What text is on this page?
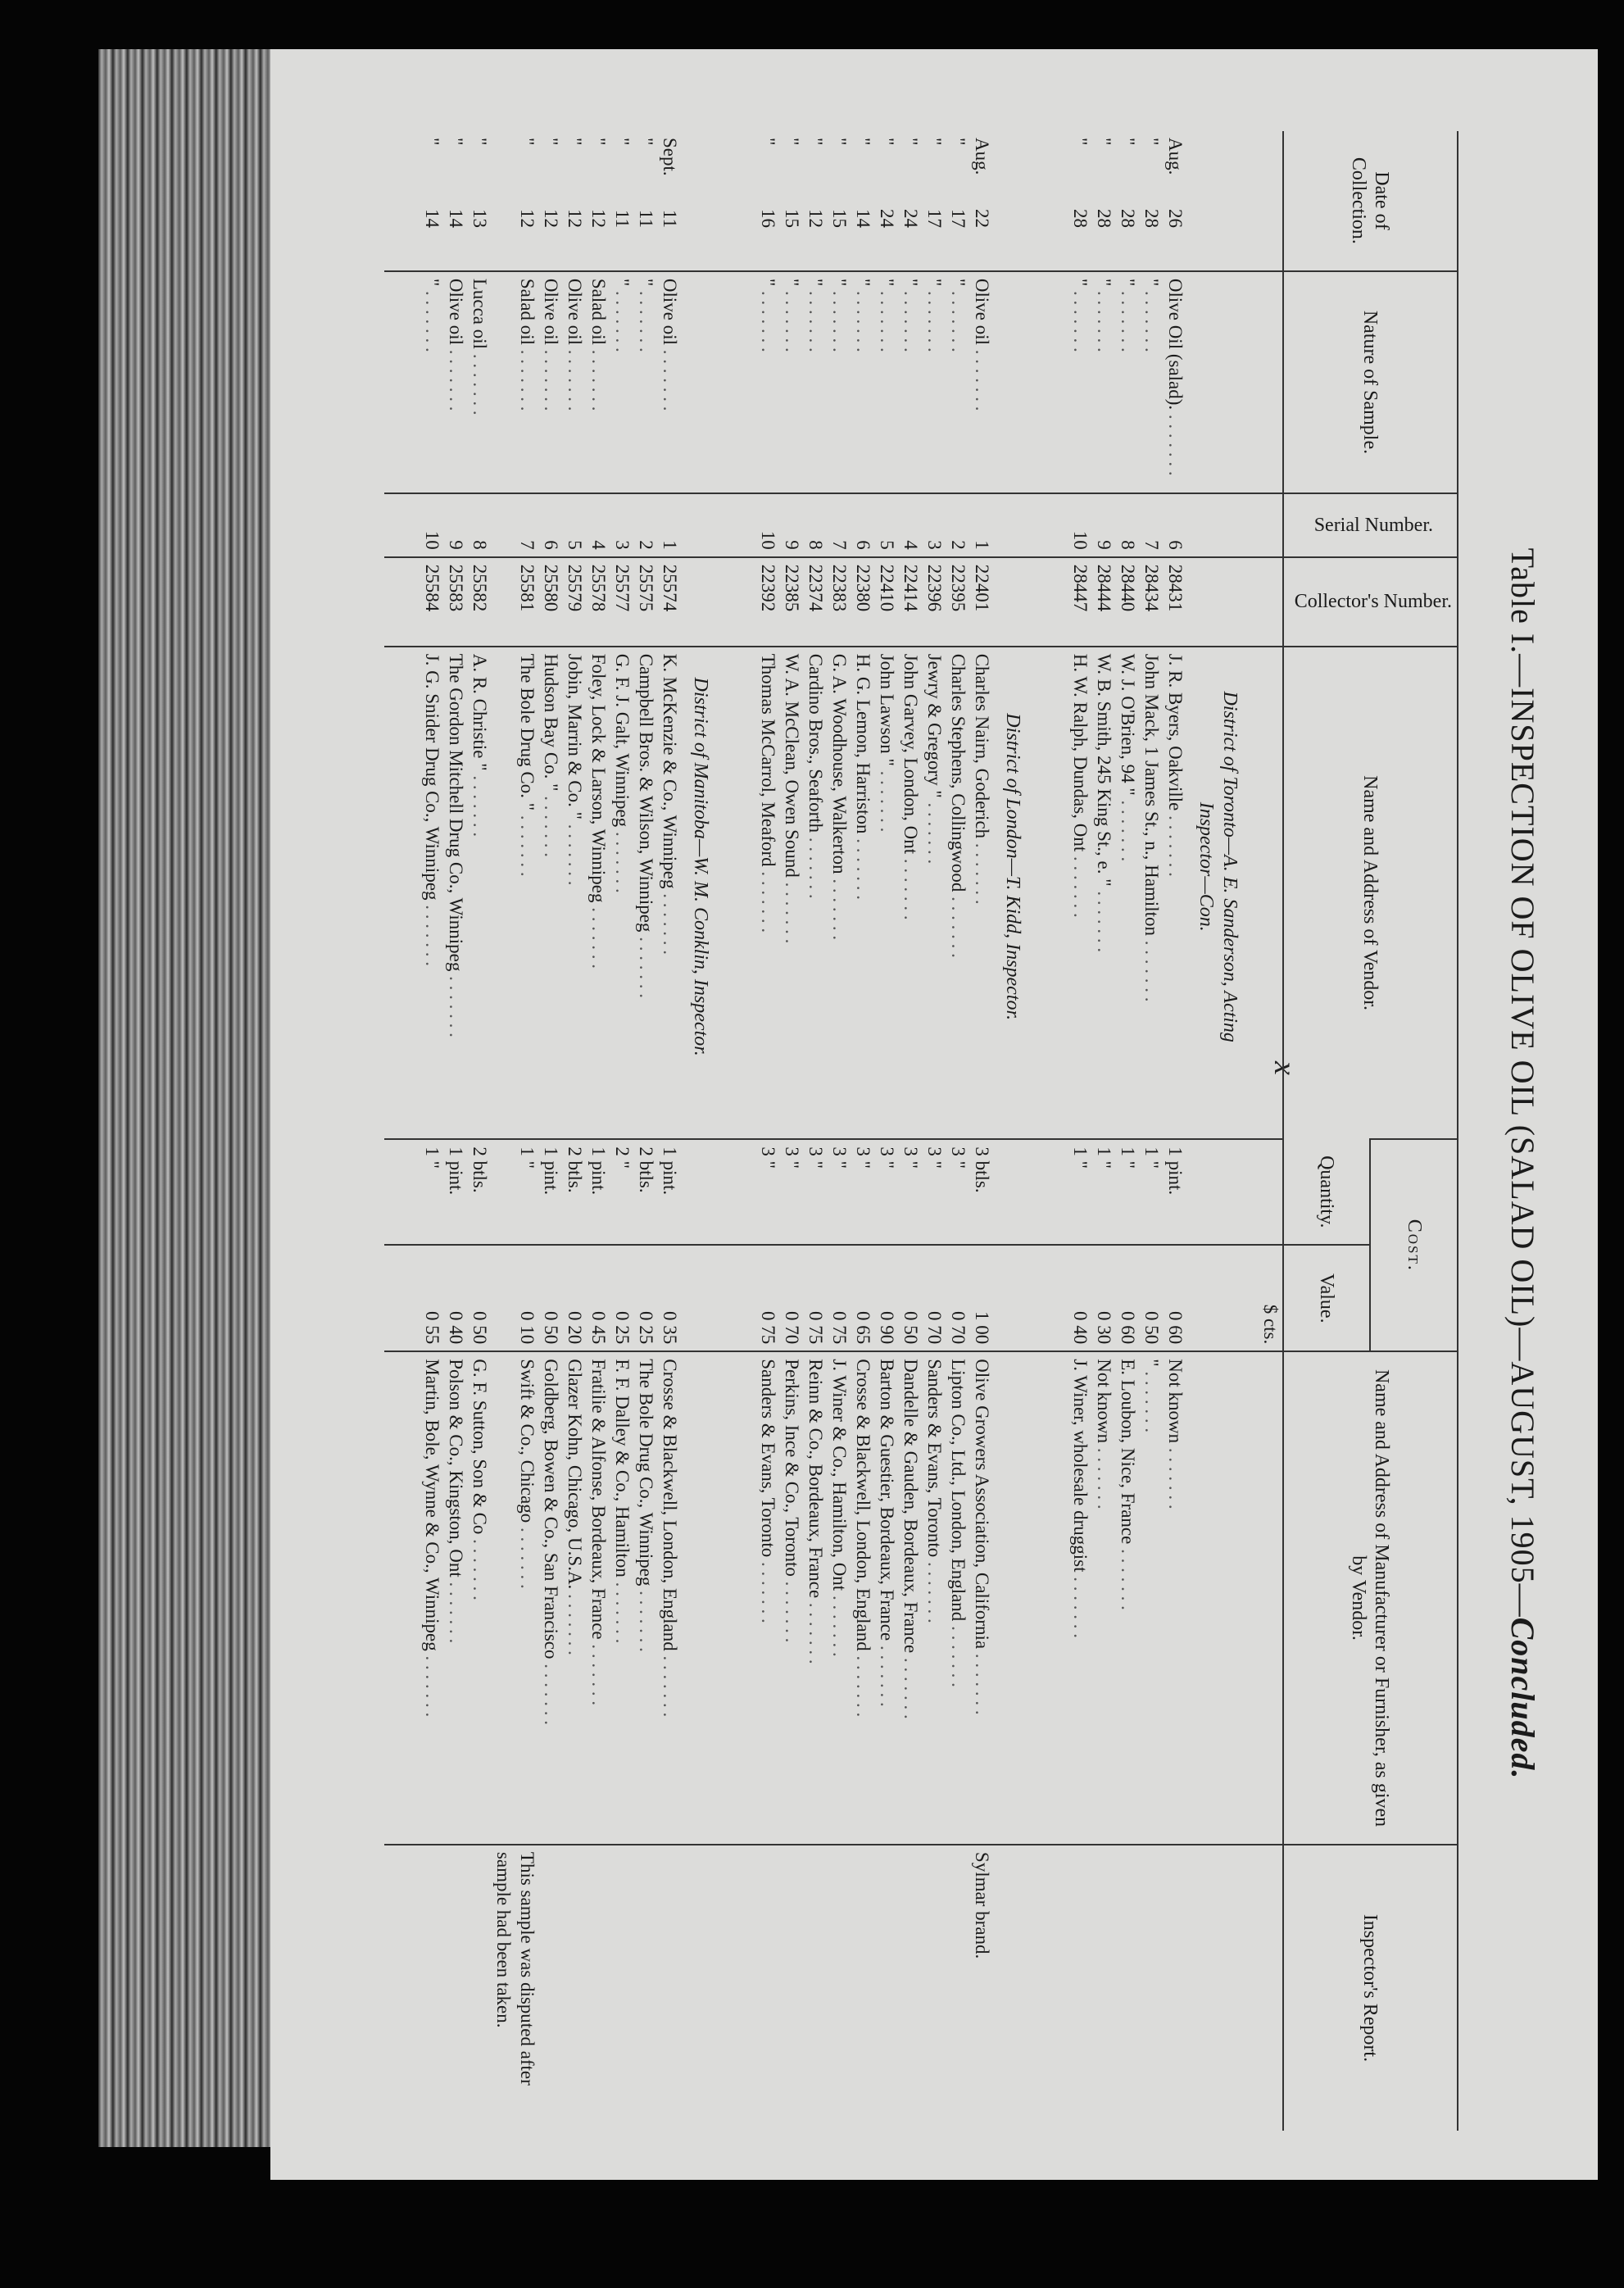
Table I.—INSPECTION OF OLIVE OIL (SALAD OIL)—AUGUST, 1905—Concluded.
x
Date of Collection.	Nature of Sample.	Serial Number.	Collector's Number.	Name and Address of Vendor.	Cost.		Name and Address of Manufacturer or Furnisher, as given by Vendor.	Inspector's Report.
					Quantity.	Value.		
						$ cts.		

				District of Toronto—A. E. Sanderson, Acting Inspector—Con.				

Aug.26	Olive Oil (salad). . . .	6	28431	J. R. Byers, Oakville . . .	1 pint.	0 60	Not known . . .	

"28	" . . .	7	28434	John Mack, 1 James St., n., Hamilton . . .	1 "	0 50	" . . .	

"28	" . . .	8	28440	W. J. O'Brien, 94 " . . .	1 "	0 60	E. Loubon, Nice, France . . .	

"28	" . . .	9	28444	W. B. Smith, 245 King St., e. " . . .	1 "	0 30	Not known . . .	

"28	" . . .	10	28447	H. W. Ralph, Dundas, Ont . . .	1 "	0 40	J. Winer, wholesale druggist . . .	

				District of London—T. Kidd, Inspector.				

Aug.22	Olive oil . . .	1	22401	Charles Nairn, Goderich . . .	3 btls.	1 00	Olive Growers Association, California . . .	Sylmar brand.

"17	" . . .	2	22395	Charles Stephens, Collingwood . . .	3 "	0 70	Lipton Co., Ltd., London, England . . .	

"17	" . . .	3	22396	Jewry & Gregory " . . .	3 "	0 70	Sanders & Evans, Toronto . . .	

"24	" . . .	4	22414	John Garvey, London, Ont . . .	3 "	0 50	Dandelle & Gauden, Bordeaux, France . . .	

"24	" . . .	5	22410	John Lawson " . . .	3 "	0 90	Barton & Guestier, Bordeaux, France . . .	

"14	" . . .	6	22380	H. G. Lemon, Harriston . . .	3 "	0 65	Crosse & Blackwell, London, England . . .	

"15	" . . .	7	22383	G. A. Woodhouse, Walkerton . . .	3 "	0 75	J. Winer & Co., Hamilton, Ont . . .	

"12	" . . .	8	22374	Cardino Bros., Seaforth . . .	3 "	0 75	Reinn & Co., Bordeaux, France . . .	

"15	" . . .	9	22385	W. A. McClean, Owen Sound . . .	3 "	0 70	Perkins, Ince & Co., Toronto . . .	

"16	" . . .	10	22392	Thomas McCarrol, Meaford . . .	3 "	0 75	Sanders & Evans, Toronto . . .	

				District of Manitoba—W. M. Conklin, Inspector.				

Sept.11	Olive oil . . .	1	25574	K. McKenzie & Co., Winnipeg . . .	1 pint.	0 35	Crosse & Blackwell, London, England . . .	

"11	" . . .	2	25575	Campbell Bros. & Wilson, Winnipeg . . .	2 btls.	0 25	The Bole Drug Co., Winnipeg . . .	

"11	" . . .	3	25577	G. F. J. Galt, Winnipeg . . .	2 "	0 25	F. F. Dalley & Co., Hamilton . . .	

"12	Salad oil . . .	4	25578	Foley, Lock & Larson, Winnipeg . . .	1 pint.	0 45	Fratilie & Alfonse, Bordeaux, France . . .	

"12	Olive oil . . .	5	25579	Jobin, Marrin & Co. " . . .	2 btls.	0 20	Glazer Kohn, Chicago, U.S.A. . . .	

"12	Olive oil . . .	6	25580	Hudson Bay Co. " . . .	1 pint.	0 50	Goldberg, Bowen & Co., San Francisco . . .	

"12	Salad oil . . .	7	25581	The Bole Drug Co. " . . .	1 "	0 10	Swift & Co., Chicago . . .	This sample was disputed after sample had been taken.

"13	Lucca oil . . .	8	25582	A. R. Christie " . . .	2 btls.	0 50	G. F. Sutton, Son & Co . . .	

"14	Olive oil . . .	9	25583	The Gordon Mitchell Drug Co., Winnipeg . . .	1 pint.	0 40	Polson & Co., Kingston, Ont . . .	

"14	" . . .	10	25584	J. G. Snider Drug Co., Winnipeg . . .	1 "	0 55	Martin, Bole, Wynne & Co., Winnipeg . . .	
